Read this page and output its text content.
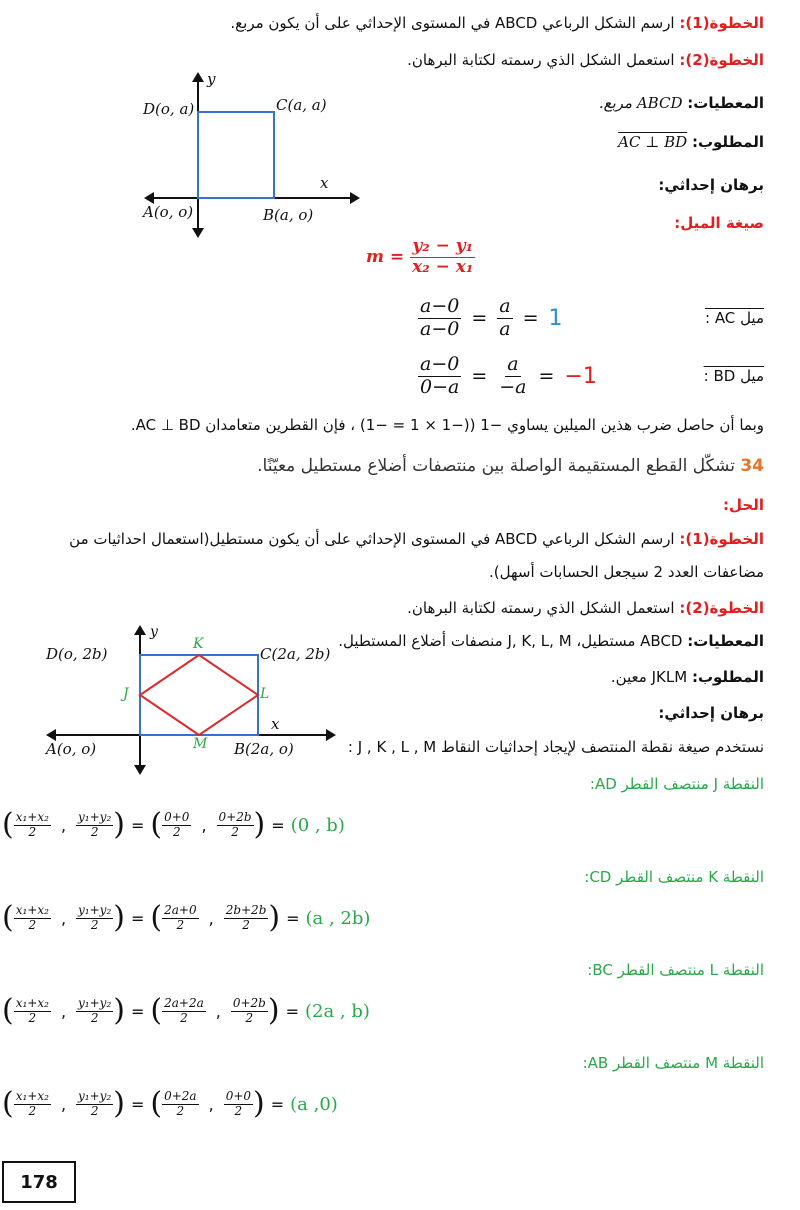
الخطوة(1): ارسم الشكل الرباعي ABCD في المستوى الإحداثي على أن يكون مربع.
الخطوة(2): استعمل الشكل الذي رسمته لكتابة البرهان.
المعطيات: ABCD مربع.
المطلوب: AC ⊥ BD
برهان إحداثي:
صيغة الميل:
y
x
D(o, a)	C(a, a)
A(o, o)	B(a, o)
m =
$\frac{\text{y₂ − y₁}}{\text{x₂ − x₁}}$
ميل AC :
$\frac{a-0}{a-0} = \frac{a}{a} = 1$
ميل BD :
$\frac{a-0}{0-a} = \frac{a}{-a} = -1$
وبما أن حاصل ضرب هذين الميلين يساوي −1 ((−1 × 1 = −1) ، فإن القطرين متعامدان AC ⊥ BD.
34 تشكّل القطع المستقيمة الواصلة بين منتصفات أضلاع مستطيل معيّنًا.
الحل:
الخطوة(1): ارسم الشكل الرباعي ABCD في المستوى الإحداثي على أن يكون مستطيل(استعمال احداثيات من
مضاعفات العدد 2 سيجعل الحسابات أسهل).
الخطوة(2): استعمل الشكل الذي رسمته لكتابة البرهان.
المعطيات: ABCD مستطيل، J, K, L, M منصفات أضلاع المستطيل.
المطلوب: JKLM معين.
برهان إحداثي:
نستخدم صيغة نقطة المنتصف لإيجاد إحداثيات النقاط J , K , L , M :
y
x
D(o, 2b)	C(2a, 2b)
A(o, o)	B(2a, o)
K
J	L
M
النقطة J منتصف القطر AD:
( $\frac{\text{x₁+x₂}}{2}$ , $\frac{\text{y₁+y₂}}{2}$ ) = ( $\frac{0+0}{2}$ , $\frac{0+2b}{2}$ ) = (0 , b)
النقطة K منتصف القطر CD:
( $\frac{\text{x₁+x₂}}{2}$ , $\frac{\text{y₁+y₂}}{2}$ ) = ( $\frac{2a+0}{2}$ , $\frac{2b+2b}{2}$ ) = (a , 2b)
النقطة L منتصف القطر BC:
( $\frac{\text{x₁+x₂}}{2}$ , $\frac{\text{y₁+y₂}}{2}$ ) = ( $\frac{2a+2a}{2}$ , $\frac{0+2b}{2}$ ) = (2a , b)
النقطة M منتصف القطر AB:
( $\frac{\text{x₁+x₂}}{2}$ , $\frac{\text{y₁+y₂}}{2}$ ) = ( $\frac{0+2a}{2}$ , $\frac{0+0}{2}$ ) = (a ,0)
178
